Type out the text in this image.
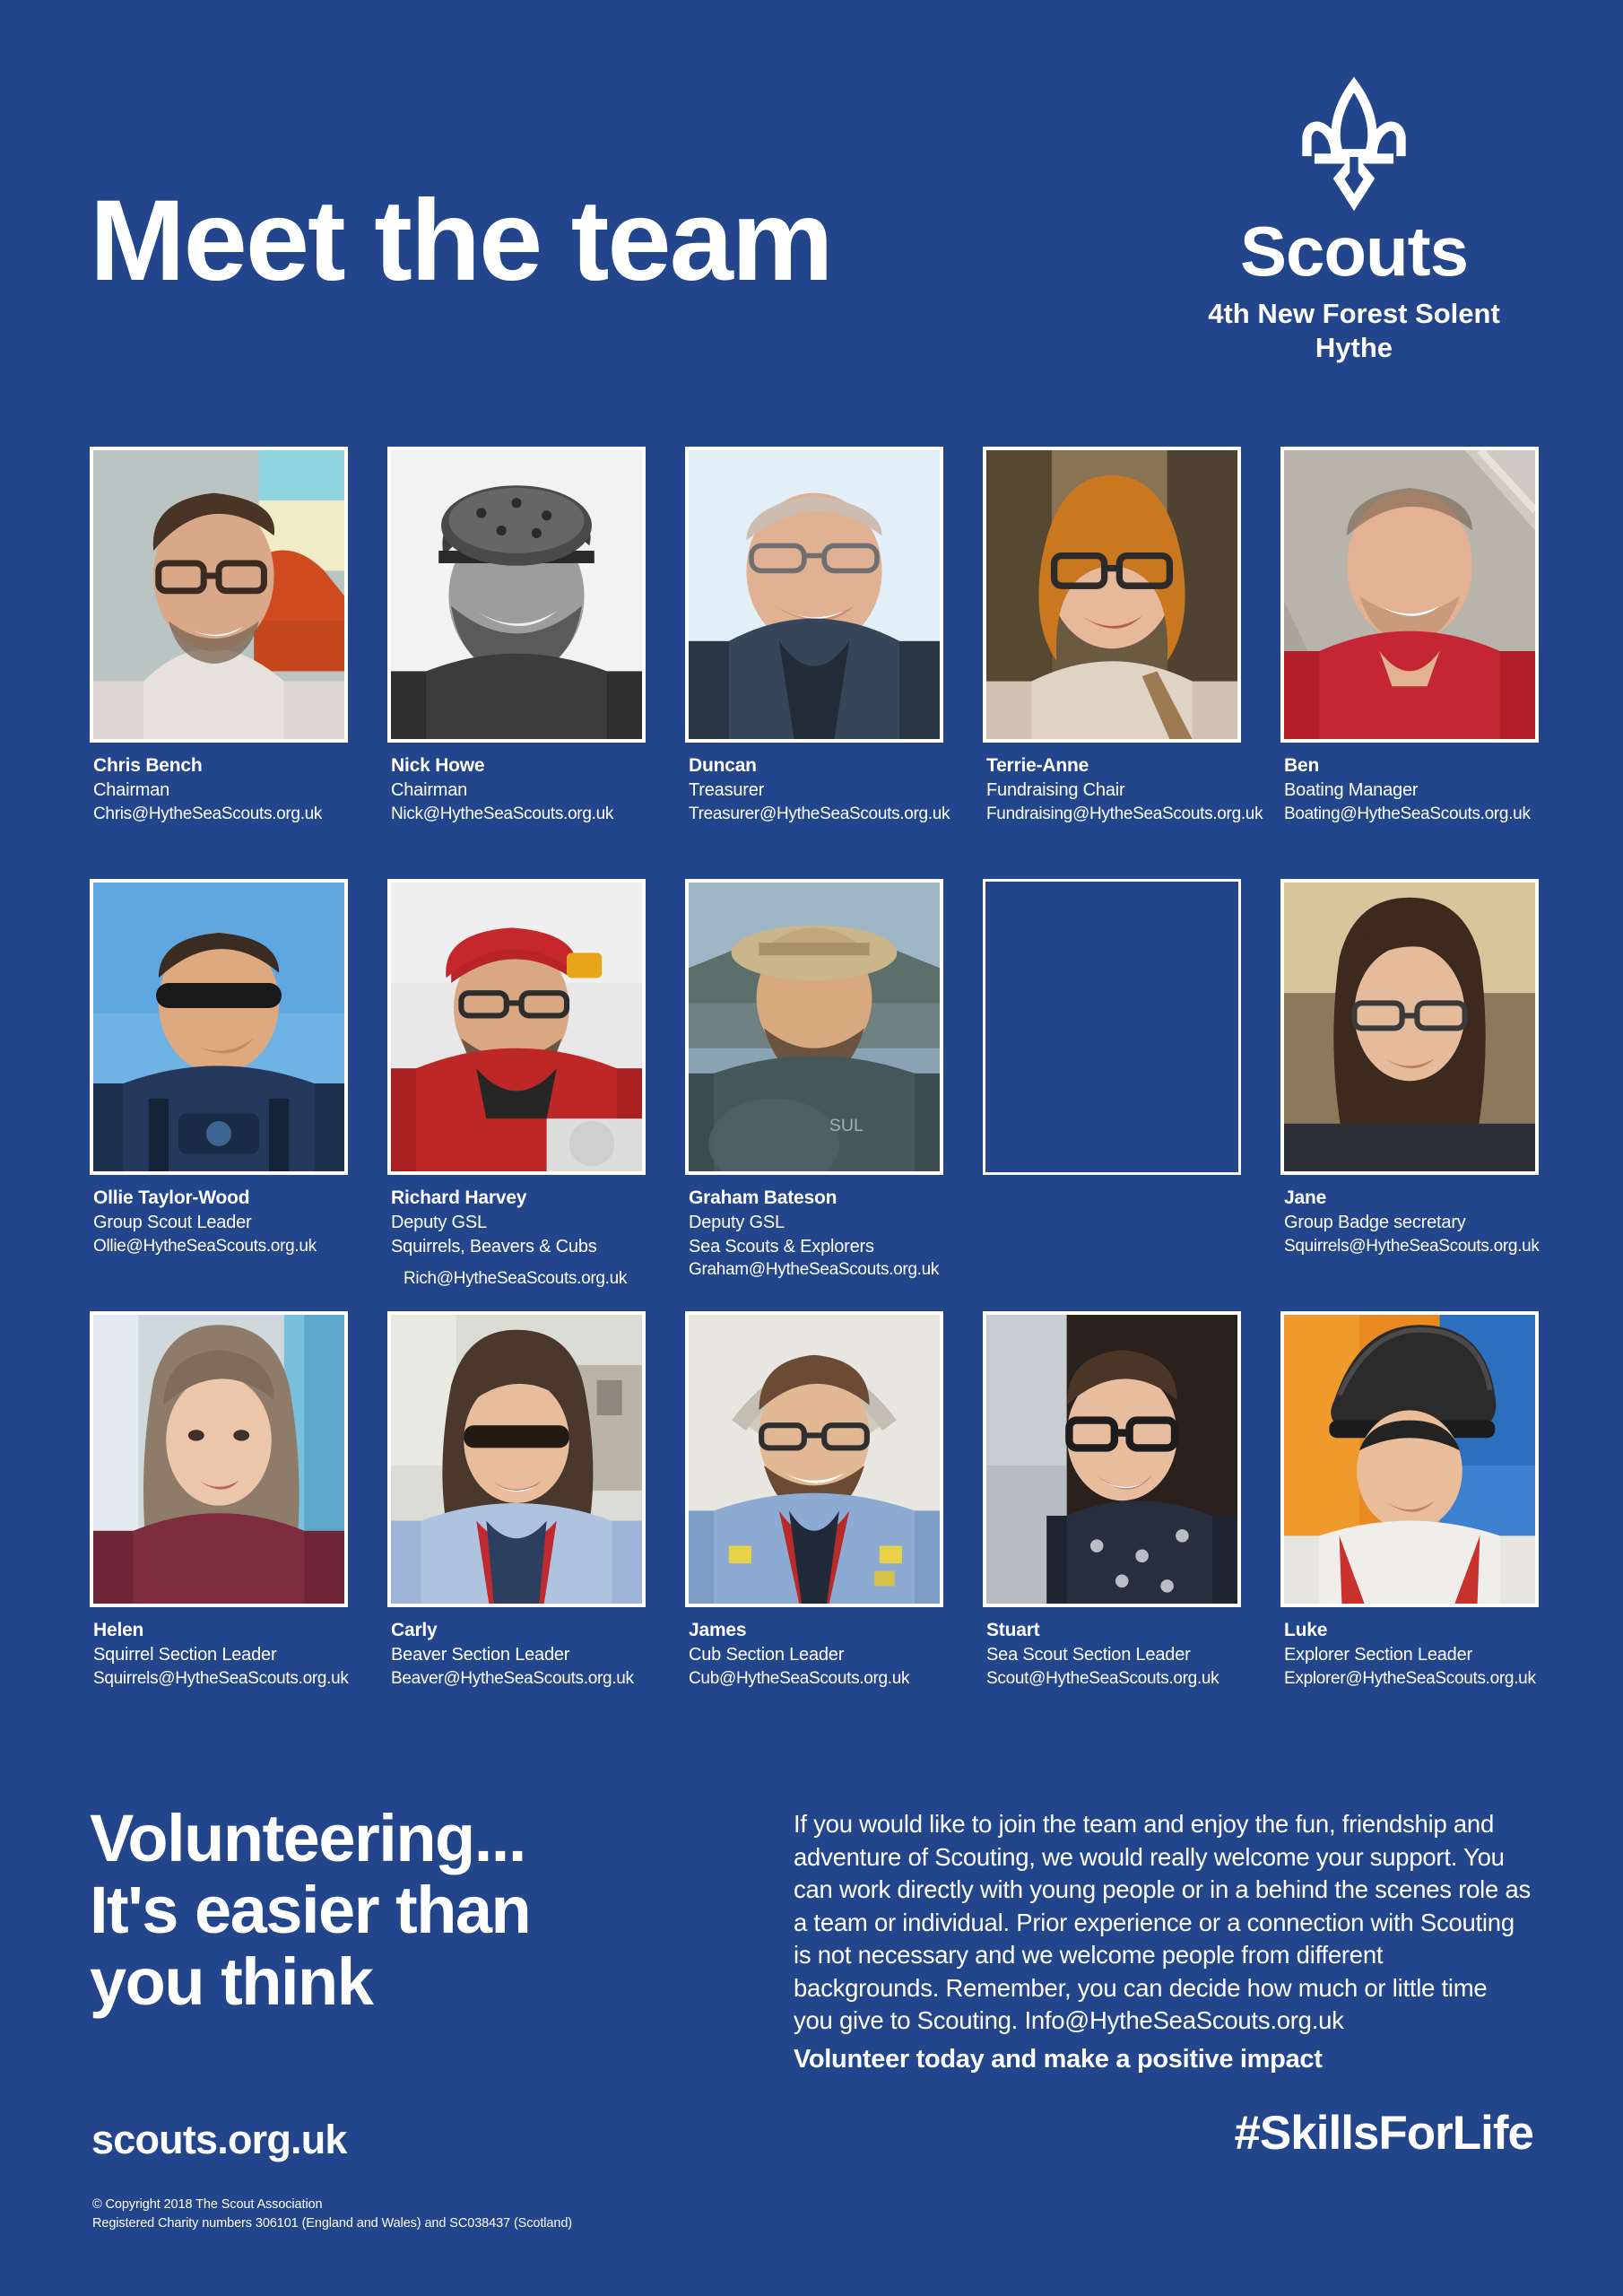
Meet the team	Scouts
4th New Forest Solent
Hythe
Chris Bench
Chairman
Chris@HytheSeaScouts.org.uk
Nick Howe
Chairman
Nick@HytheSeaScouts.org.uk
Duncan
Treasurer
Treasurer@HytheSeaScouts.org.uk
Terrie-Anne
Fundraising Chair
Fundraising@HytheSeaScouts.org.uk
Ben
Boating Manager
Boating@HytheSeaScouts.org.uk
Ollie Taylor-Wood
Group Scout Leader
Ollie@HytheSeaScouts.org.uk
Richard Harvey
Deputy GSL
Squirrels, Beavers & Cubs
Rich@HytheSeaScouts.org.uk
SUL
Graham Bateson
Deputy GSL
Sea Scouts & Explorers
Graham@HytheSeaScouts.org.uk
Jane
Group Badge secretary
Squirrels@HytheSeaScouts.org.uk
Helen
Squirrel Section Leader
Squirrels@HytheSeaScouts.org.uk
Carly
Beaver Section Leader
Beaver@HytheSeaScouts.org.uk
James
Cub Section Leader
Cub@HytheSeaScouts.org.uk
Stuart
Sea Scout Section Leader
Scout@HytheSeaScouts.org.uk
Luke
Explorer Section Leader
Explorer@HytheSeaScouts.org.uk
Volunteering...
It's easier than
you think
If you would like to join the team and enjoy the fun, friendship and adventure of Scouting, we would really welcome your support. You can work directly with young people or in a behind the scenes role as a team or individual. Prior experience or a connection with Scouting is not necessary and we welcome people from different backgrounds. Remember, you can decide how much or little time you give to Scouting. Info@HytheSeaScouts.org.uk
Volunteer today and make a positive impact
scouts.org.uk	#SkillsForLife
© Copyright 2018 The Scout Association
Registered Charity numbers 306101 (England and Wales) and SC038437 (Scotland)
